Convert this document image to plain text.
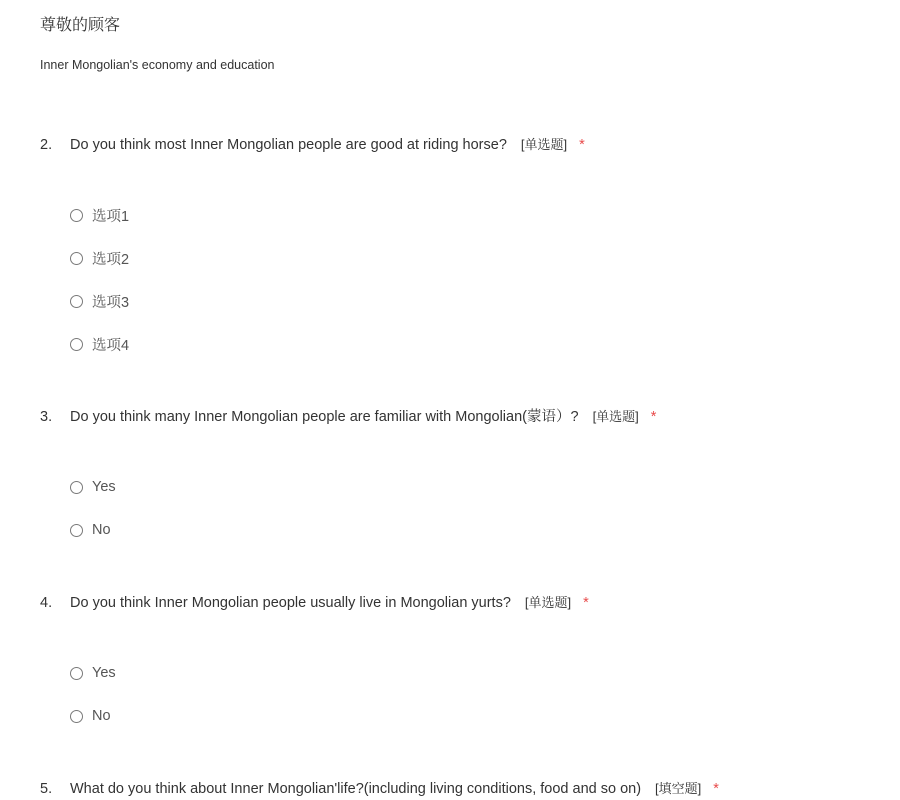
尊敬的顾客
Inner Mongolian's economy and education
2. Do you think most Inner Mongolian people are good at riding horse? [单选题] *
选项1
选项2
选项3
选项4
3. Do you think many Inner Mongolian people are familiar with Mongolian(蒙语）? [单选题] *
Yes
No
4. Do you think Inner Mongolian people usually live in Mongolian yurts? [单选题] *
Yes
No
5. What do you think about Inner Mongolian'life?(including living conditions, food and so on) [填空题] *
